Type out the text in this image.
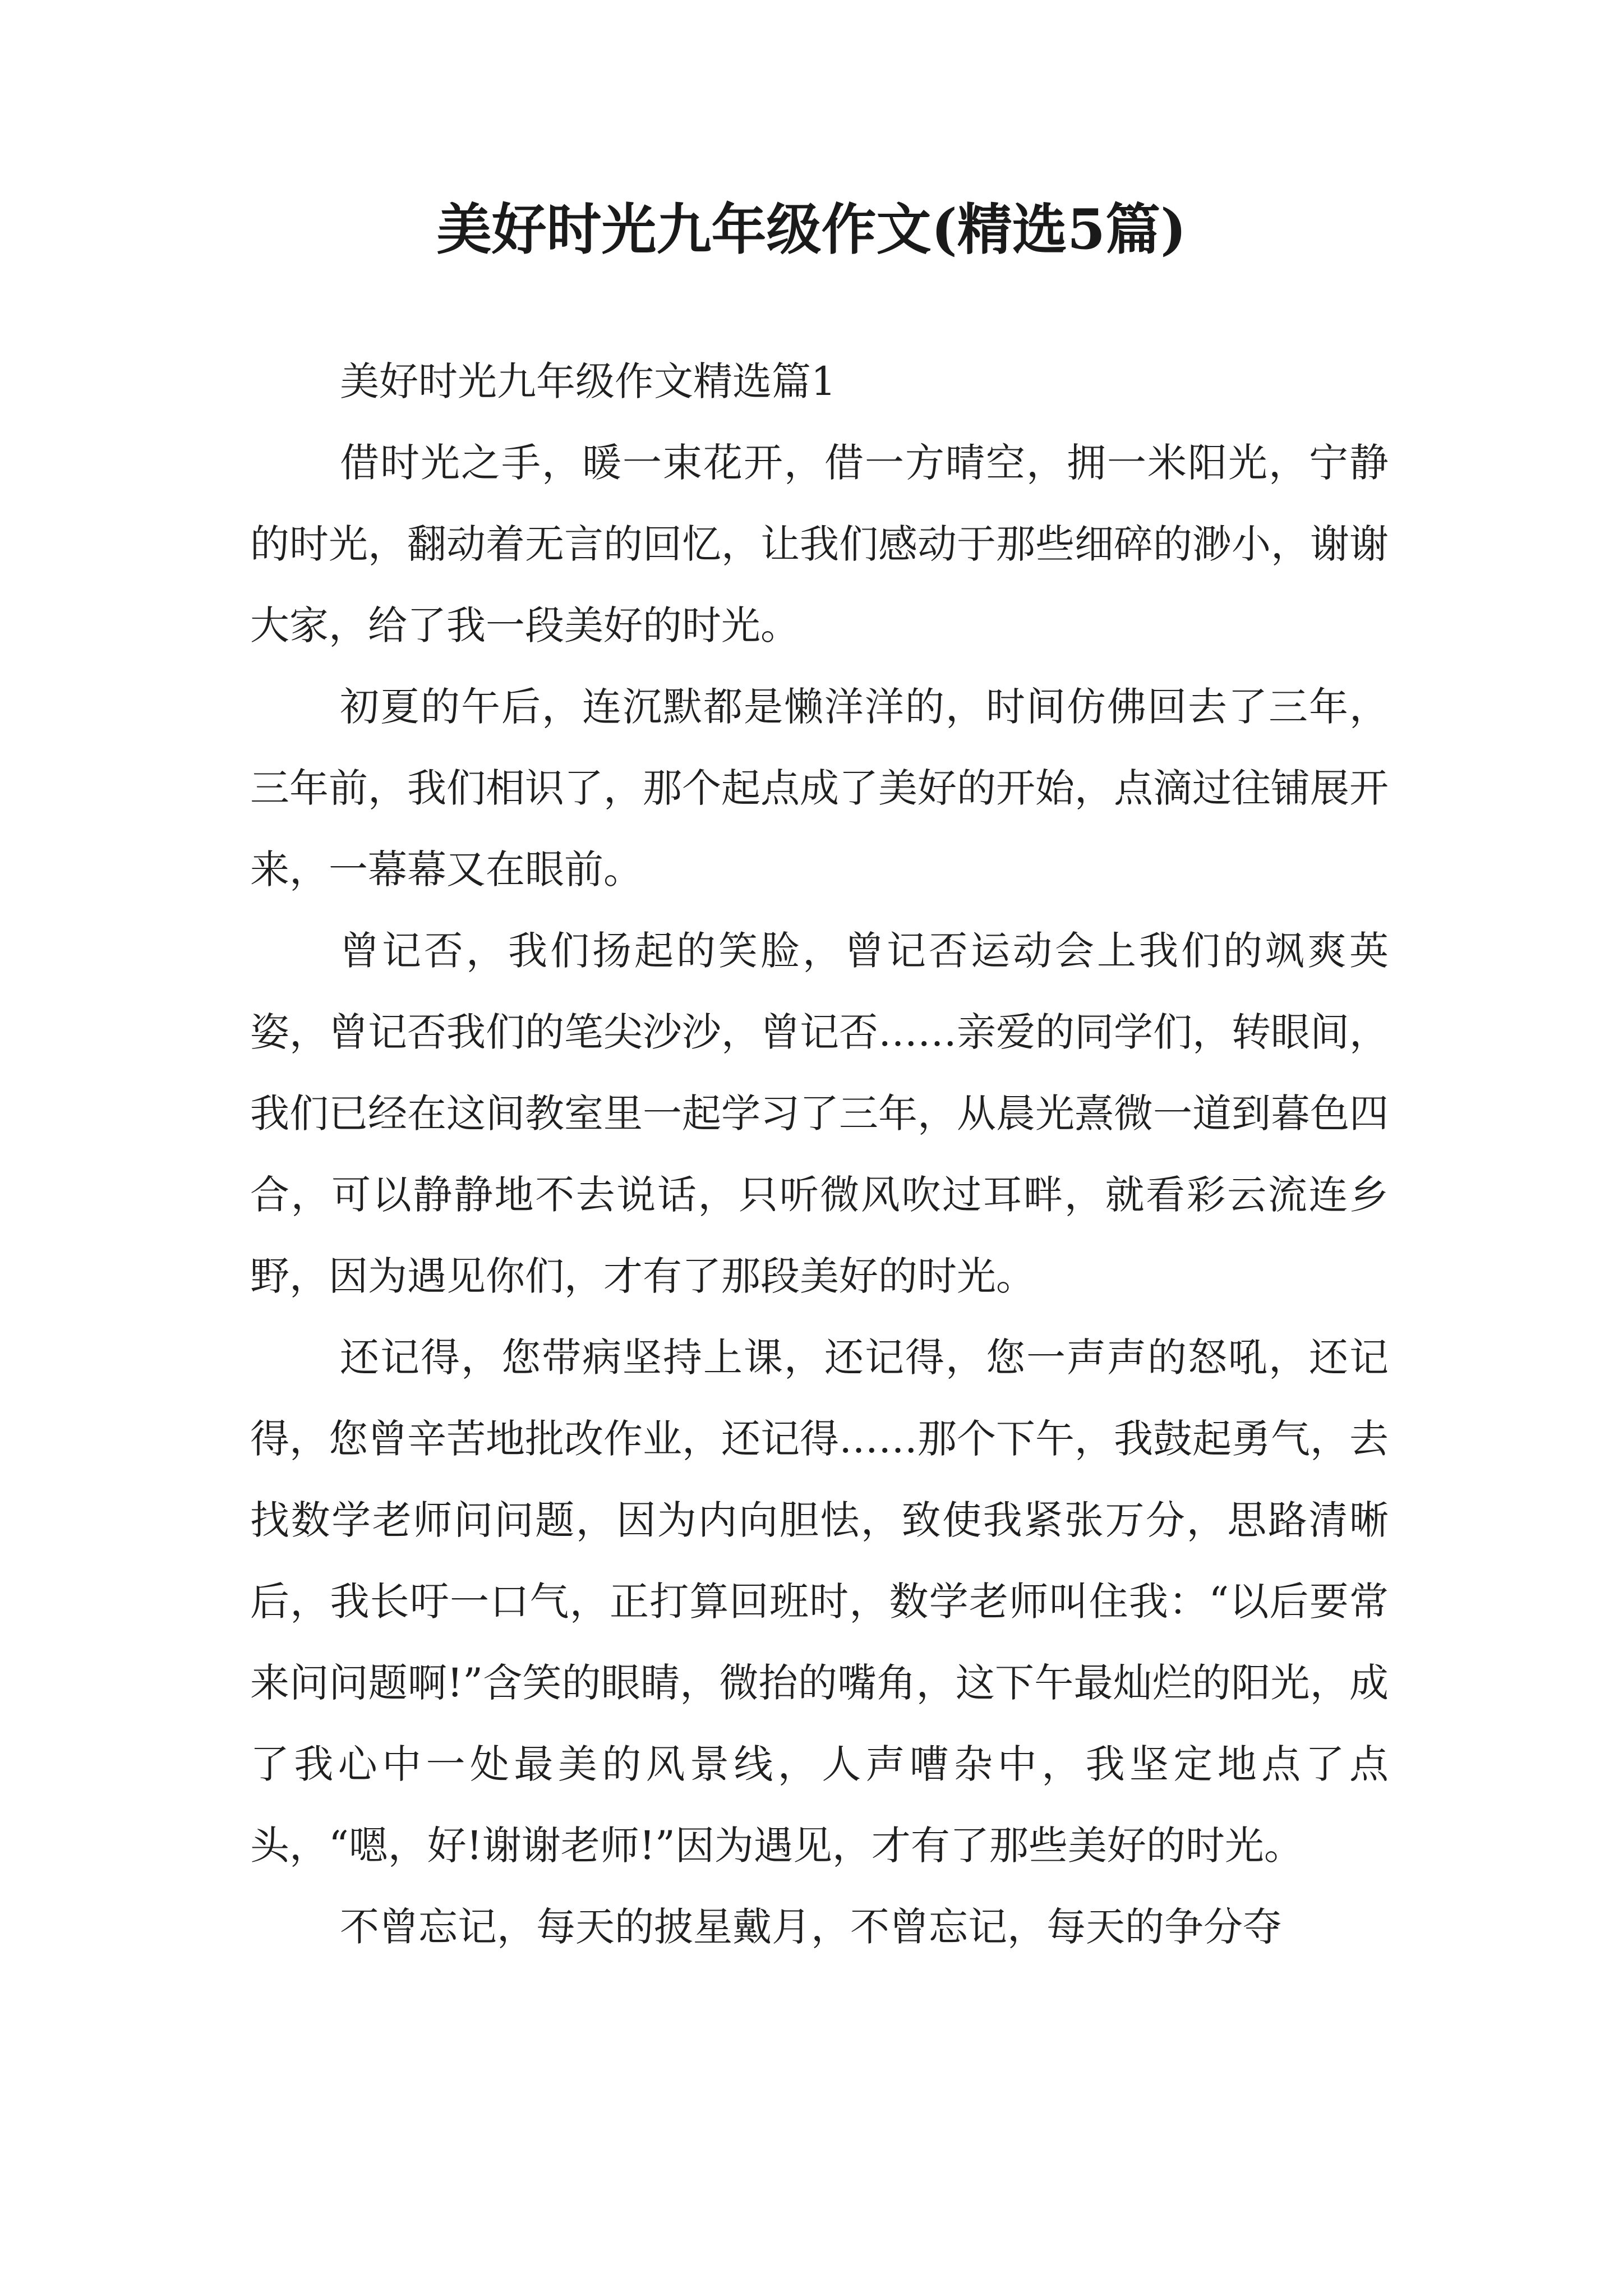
美好时光九年级作文(精选5篇)

美好时光九年级作文精选篇1

借时光之手，暖一束花开，借一方晴空，拥一米阳光，宁静的时光，翻动着无言的回忆，让我们感动于那些细碎的渺小，谢谢大家，给了我一段美好的时光。

初夏的午后，连沉默都是懒洋洋的，时间仿佛回去了三年，三年前，我们相识了，那个起点成了美好的开始，点滴过往铺展开来，一幕幕又在眼前。

曾记否，我们扬起的笑脸，曾记否运动会上我们的飒爽英姿，曾记否我们的笔尖沙沙，曾记否……亲爱的同学们，转眼间，我们已经在这间教室里一起学习了三年，从晨光熹微一道到暮色四合，可以静静地不去说话，只听微风吹过耳畔，就看彩云流连乡野，因为遇见你们，才有了那段美好的时光。

还记得，您带病坚持上课，还记得，您一声声的怒吼，还记得，您曾辛苦地批改作业，还记得……那个下午，我鼓起勇气，去找数学老师问问题，因为内向胆怯，致使我紧张万分，思路清晰后，我长吁一口气，正打算回班时，数学老师叫住我：“以后要常来问问题啊!”含笑的眼睛，微抬的嘴角，这下午最灿烂的阳光，成了我心中一处最美的风景线，人声嘈杂中，我坚定地点了点头，“嗯，好!谢谢老师!”因为遇见，才有了那些美好的时光。

不曾忘记，每天的披星戴月，不曾忘记，每天的争分夺
